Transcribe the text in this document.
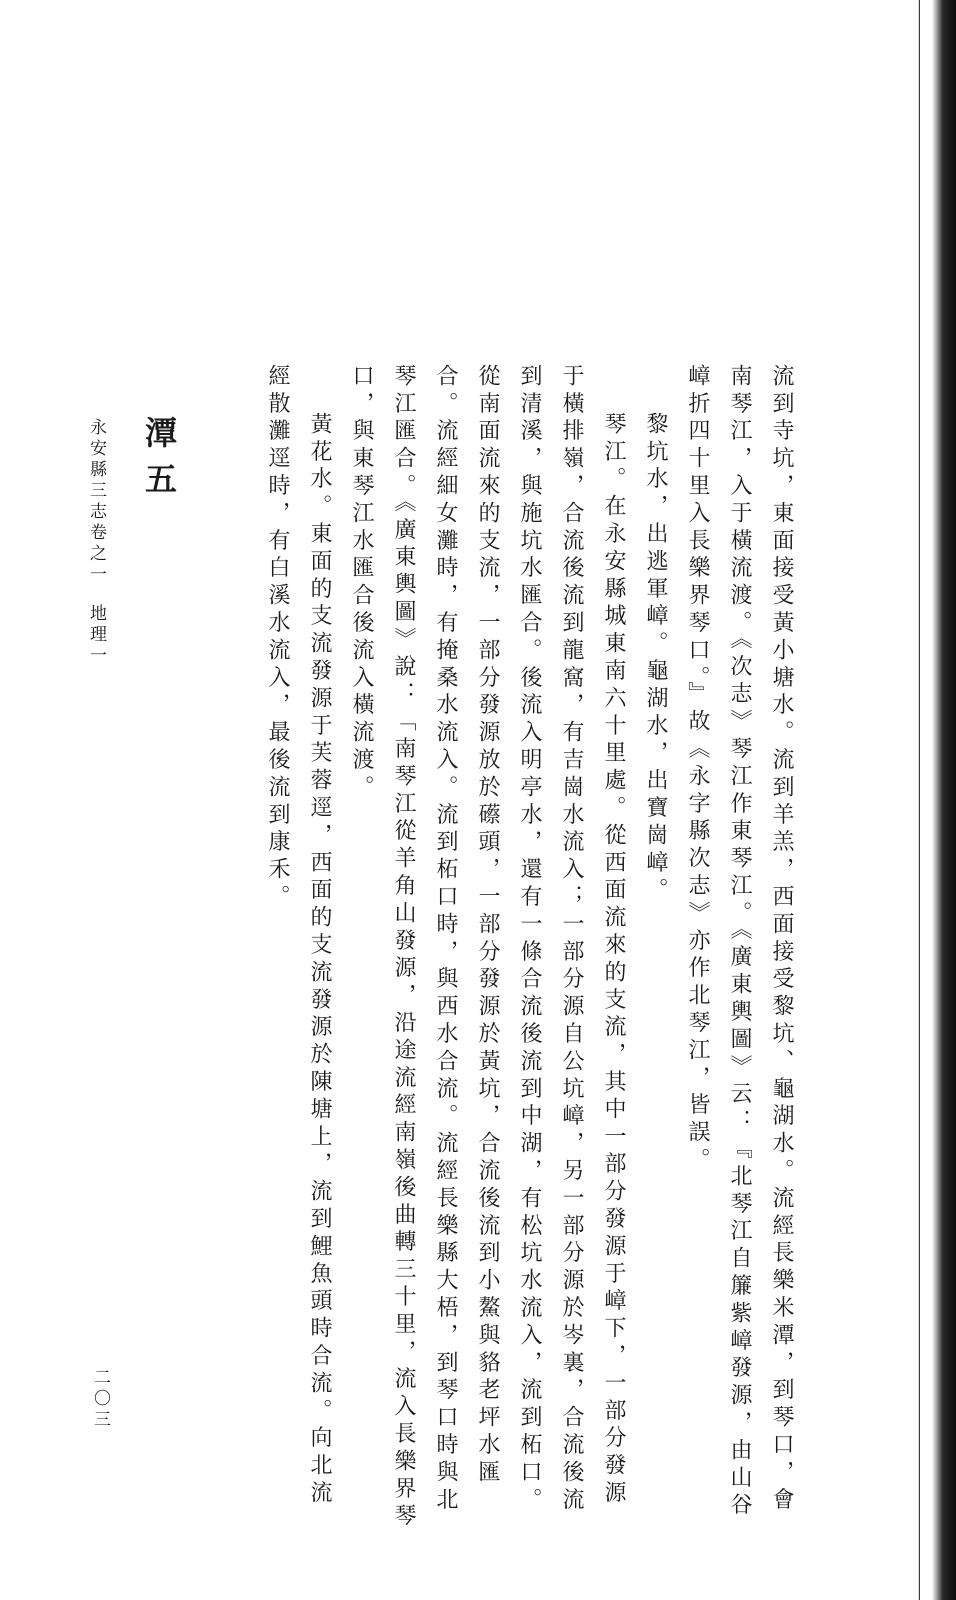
流到寺坑，東面接受黃小塘水。流到羊羔，西面接受黎坑、龜湖水。流經長樂米潭，到琴口，會南琴江，入于橫流渡。《次志》琴江作東琴江。《廣東輿圖》云：『北琴江自簾紫嶂發源，由山谷嶂折四十里入長樂界琴口。』故《永字縣次志》亦作北琴江，皆誤。

黎坑水，出逃軍嶂。龜湖水，出寶崗嶂。

琴江。在永安縣城東南六十里處。從西面流來的支流，其中一部分發源于嶂下，一部分發源于橫排嶺，合流後流到龍窩，有吉崗水流入；一部分源自公坑嶂，另一部分源於岑裏，合流後流到清溪，與施坑水匯合。後流入明亭水，還有一條合流後流到中湖，有松坑水流入，流到柘口。從南面流來的支流，一部分發源放於礤頭，一部分發源於黃坑，合流後流到小鰲與貉老坪水匯合。流經細女灘時，有掩桑水流入。流到柘口時，與西水合流。流經長樂縣大梧，到琴口時與北琴江匯合。《廣東輿圖》說：「南琴江從羊角山發源，沿途流經南嶺後曲轉三十里，流入長樂界琴口，與東琴江水匯合後流入橫流渡。

黃花水。東面的支流發源于芙蓉逕，西面的支流發源於陳塘上，流到鯉魚頭時合流。向北流經散灘逕時，有白溪水流入，最後流到康禾。

潭五
永安縣三志卷之一地理一
二〇三
